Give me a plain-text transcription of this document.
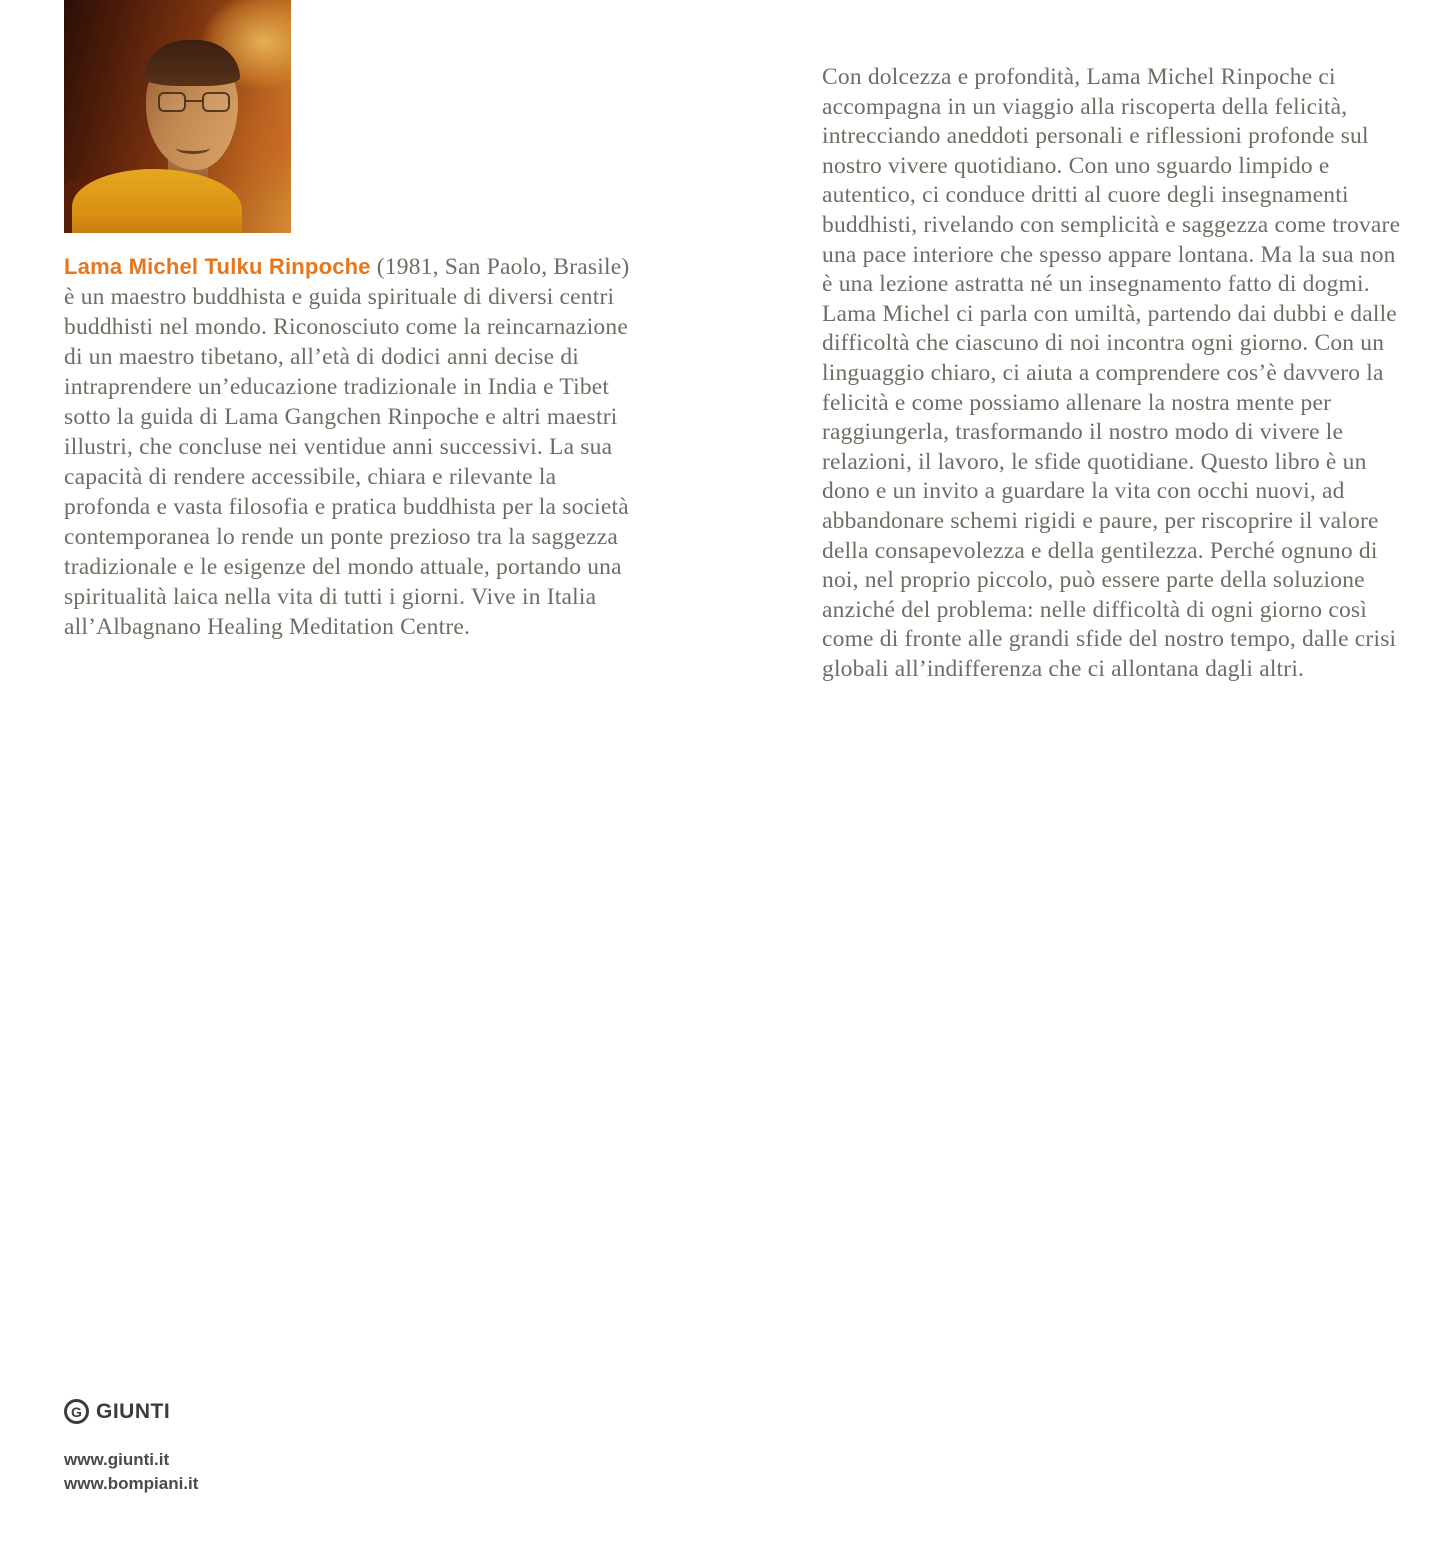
Lama Michel Tulku Rinpoche (1981, San Paolo, Brasile) è un maestro buddhista e guida spirituale di diversi centri buddhisti nel mondo. Riconosciuto come la reincarnazione di un maestro tibetano, all’età di dodici anni decise di intraprendere un’educazione tradizionale in India e Tibet sotto la guida di Lama Gangchen Rinpoche e altri maestri illustri, che concluse nei ventidue anni successivi. La sua capacità di rendere accessibile, chiara e rilevante la profonda e vasta filosofia e pratica buddhista per la società contemporanea lo rende un ponte prezioso tra la saggezza tradizionale e le esigenze del mondo attuale, portando una spiritualità laica nella vita di tutti i giorni. Vive in Italia all’Albagnano Healing Meditation Centre.

Con dolcezza e profondità, Lama Michel Rinpoche ci accompagna in un viaggio alla riscoperta della felicità, intrecciando aneddoti personali e riflessioni profonde sul nostro vivere quotidiano. Con uno sguardo limpido e autentico, ci conduce dritti al cuore degli insegnamenti buddhisti, rivelando con semplicità e saggezza come trovare una pace interiore che spesso appare lontana. Ma la sua non è una lezione astratta né un insegnamento fatto di dogmi. Lama Michel ci parla con umiltà, partendo dai dubbi e dalle difficoltà che ciascuno di noi incontra ogni giorno. Con un linguaggio chiaro, ci aiuta a comprendere cos’è davvero la felicità e come possiamo allenare la nostra mente per raggiungerla, trasformando il nostro modo di vivere le relazioni, il lavoro, le sfide quotidiane. Questo libro è un dono e un invito a guardare la vita con occhi nuovi, ad abbandonare schemi rigidi e paure, per riscoprire il valore della consapevolezza e della gentilezza. Perché ognuno di noi, nel proprio piccolo, può essere parte della soluzione anziché del problema: nelle difficoltà di ogni giorno così come di fronte alle grandi sfide del nostro tempo, dalle crisi globali all’indifferenza che ci allontana dagli altri.

G GIUNTI
www.giunti.it
www.bompiani.it
